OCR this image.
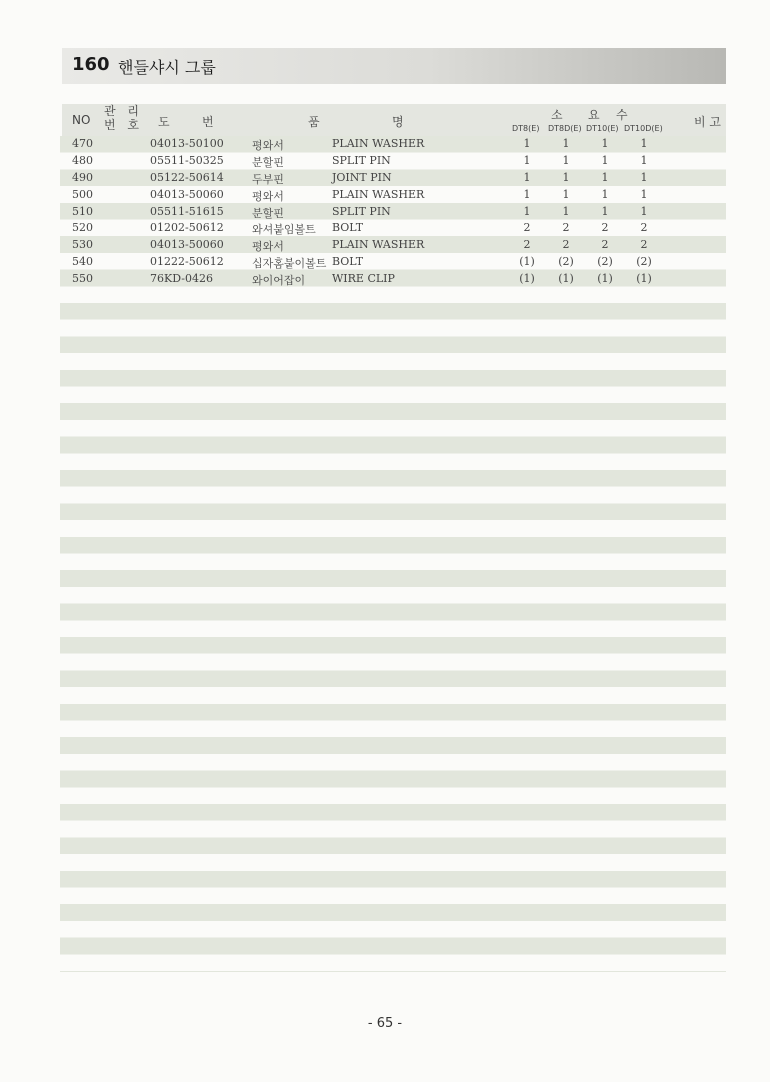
160 핸들샤시 그룹
NO
관 리
번 호 도	번	품	명	소 요 수
DT8(E) DT8D(E) DT10(E) DT10D(E)	비 고
470	04013-50100	평와서	PLAIN WASHER	1	1	1	1
480	05511-50325	분할핀	SPLIT PIN	1	1	1	1
490	05122-50614	두부핀	JOINT PIN	1	1	1	1
500	04013-50060	평와서	PLAIN WASHER	1	1	1	1
510	05511-51615	분할핀	SPLIT PIN	1	1	1	1
520	01202-50612	와셔붙임볼트 BOLT	2	2	2	2
530	04013-50060	평와서	PLAIN WASHER	2	2	2	2
540	01222-50612	십자홈붙이볼트 BOLT	(1)	(2)	(2)	(2)
550	76KD-0426	와이어잡이 WIRE CLIP	(1)	(1)	(1)	(1)
- 65 -
